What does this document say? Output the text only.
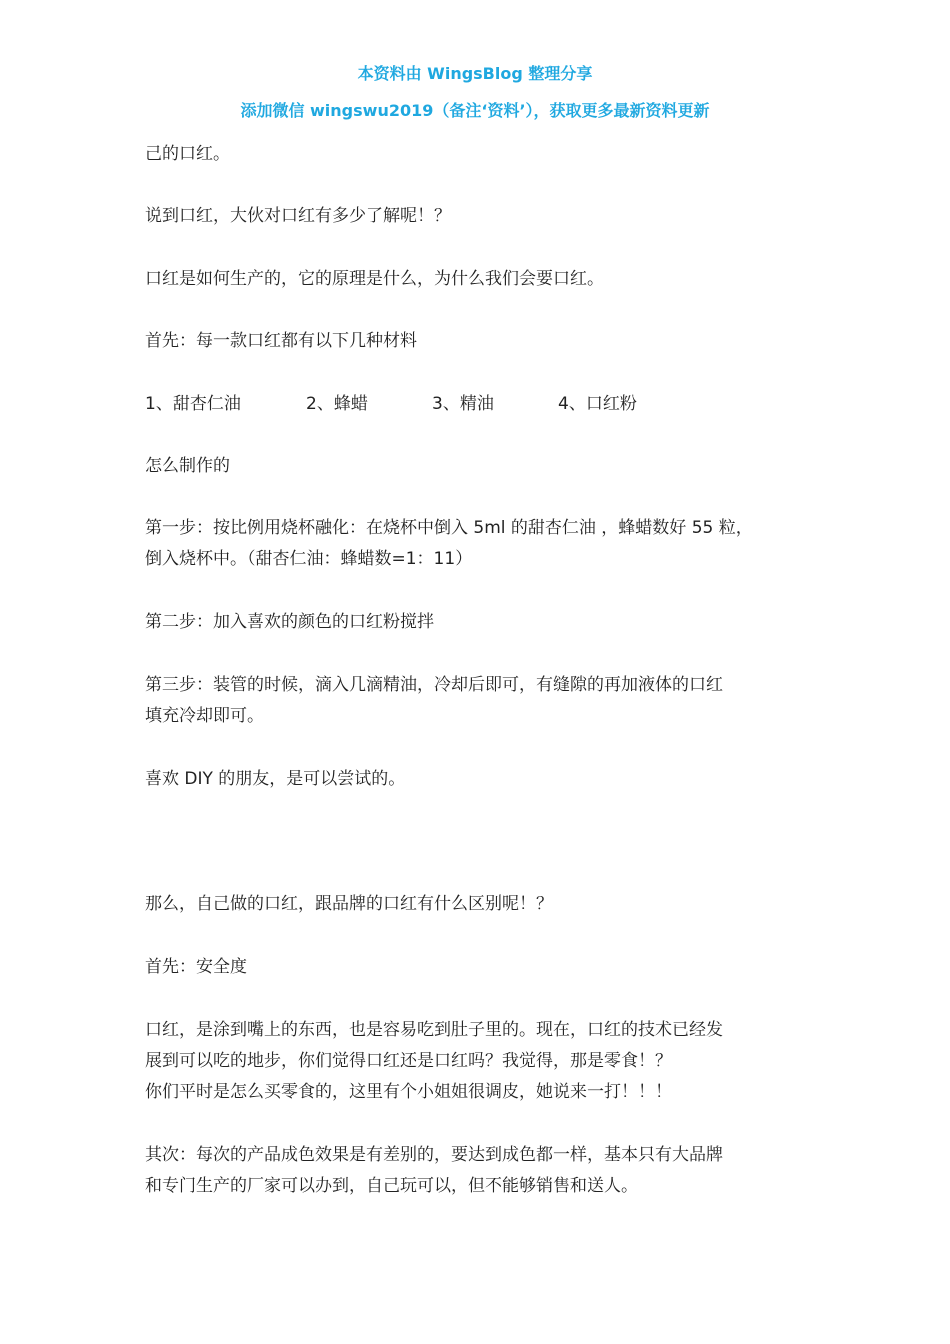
本资料由 WingsBlog 整理分享
添加微信 wingswu2019（备注‘资料’），获取更多最新资料更新
己的口红。
说到口红，大伙对口红有多少了解呢！？
口红是如何生产的，它的原理是什么，为什么我们会要口红。
首先：每一款口红都有以下几种材料
1、甜杏仁油	2、蜂蜡	3、精油	4、口红粉
怎么制作的
第一步：按比例用烧杯融化：在烧杯中倒入 5ml 的甜杏仁油 ，蜂蜡数好 55 粒，
倒入烧杯中。（甜杏仁油：蜂蜡数=1：11）
第二步：加入喜欢的颜色的口红粉搅拌
第三步：装管的时候，滴入几滴精油，冷却后即可，有缝隙的再加液体的口红
填充冷却即可。
喜欢 DIY 的朋友，是可以尝试的。
那么，自己做的口红，跟品牌的口红有什么区别呢！？
首先：安全度
口红，是涂到嘴上的东西，也是容易吃到肚子里的。现在，口红的技术已经发
展到可以吃的地步，你们觉得口红还是口红吗？我觉得，那是零食！？
你们平时是怎么买零食的，这里有个小姐姐很调皮，她说来一打！！！
其次：每次的产品成色效果是有差别的，要达到成色都一样，基本只有大品牌
和专门生产的厂家可以办到，自己玩可以，但不能够销售和送人。
